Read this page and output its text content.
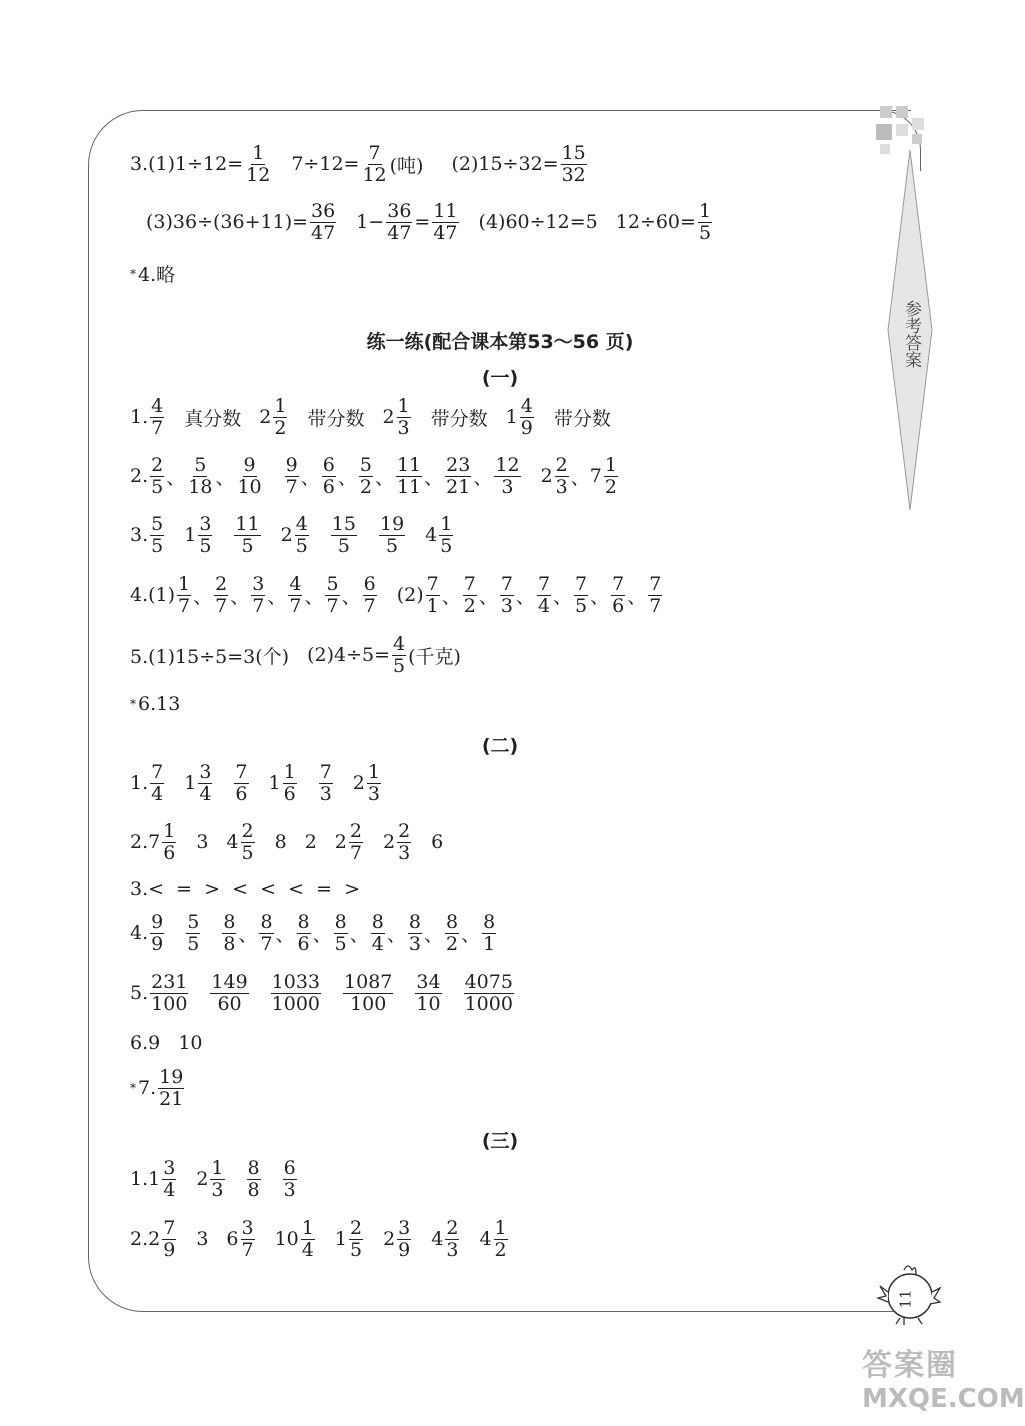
参考答案
$3.(1)1\div 12= \frac{1}{12} 7\div 12= \frac{7}{12}$ (吨) $(2)15\div 32= \frac{15}{32}$
$(3)36\div(36+11)= \frac{36}{47} 1- \frac{36}{47} = \frac{11}{47} (4)60\div 12=5$ $12\div 60= \frac{1}{5}$
* 4.略
练一练(配合课本第53～56 页)
(一)
1. $\frac{4}{7}$ 真分数 $2 \frac{1}{2}$ 带分数 $2 \frac{1}{3}$ 带分数 $1 \frac{4}{9}$ 带分数
2. $\frac{2}{5}$ 、 $\frac{5}{18}$ 、 $\frac{9}{10} \frac{9}{7}$ 、 $\frac{6}{6}$ 、 $\frac{5}{2}$ 、 $\frac{11}{11}$ 、 $\frac{23}{21}$ 、 $\frac{12}{3} 2 \frac{2}{3}$ 、 $7 \frac{1}{2}$
3. $\frac{5}{5} 1 \frac{3}{5} \frac{11}{5} 2 \frac{4}{5} \frac{15}{5} \frac{19}{5} 4 \frac{1}{5}$
$4.(1) \frac{1}{7}$ 、 $\frac{2}{7}$ 、 $\frac{3}{7}$ 、 $\frac{4}{7}$ 、 $\frac{5}{7}$ 、 $\frac{6}{7} (2) \frac{7}{1}$ 、 $\frac{7}{2}$ 、 $\frac{7}{3}$ 、 $\frac{7}{4}$ 、 $\frac{7}{5}$ 、 $\frac{7}{6}$ 、 $\frac{7}{7}$
5.(1)15÷5=3(个) $(2)4\div 5= \frac{4}{5}$ (千克)
* 6.13
(二)
1. $\frac{7}{4} 1 \frac{3}{4} \frac{7}{6} 1 \frac{1}{6} \frac{7}{3} 2 \frac{1}{3}$
$2.7 \frac{1}{6} 3$ $4 \frac{2}{5} 8$ 2 $2 \frac{2}{7} 2 \frac{2}{3} 6$
3.<  =  >  <  <  <  =  >
4. $\frac{9}{9} \frac{5}{5} \frac{8}{8}$ 、 $\frac{8}{7}$ 、 $\frac{8}{6}$ 、 $\frac{8}{5}$ 、 $\frac{8}{4}$ 、 $\frac{8}{3}$ 、 $\frac{8}{2}$ 、 $\frac{8}{1}$
5. $\frac{231}{100} \frac{149}{60} \frac{1033}{1000} \frac{1087}{100} \frac{34}{10} \frac{4075}{1000}$
6.9   10
* 7. $\frac{19}{21}$
(三)
$1.1 \frac{3}{4} 2 \frac{1}{3} \frac{8}{8} \frac{6}{3}$
$2.2 \frac{7}{9} 3$ $6 \frac{3}{7} 10 \frac{1}{4} 1 \frac{2}{5} 2 \frac{3}{9} 4 \frac{2}{3} 4 \frac{1}{2}$
11
答案圈
MXQE.COM
